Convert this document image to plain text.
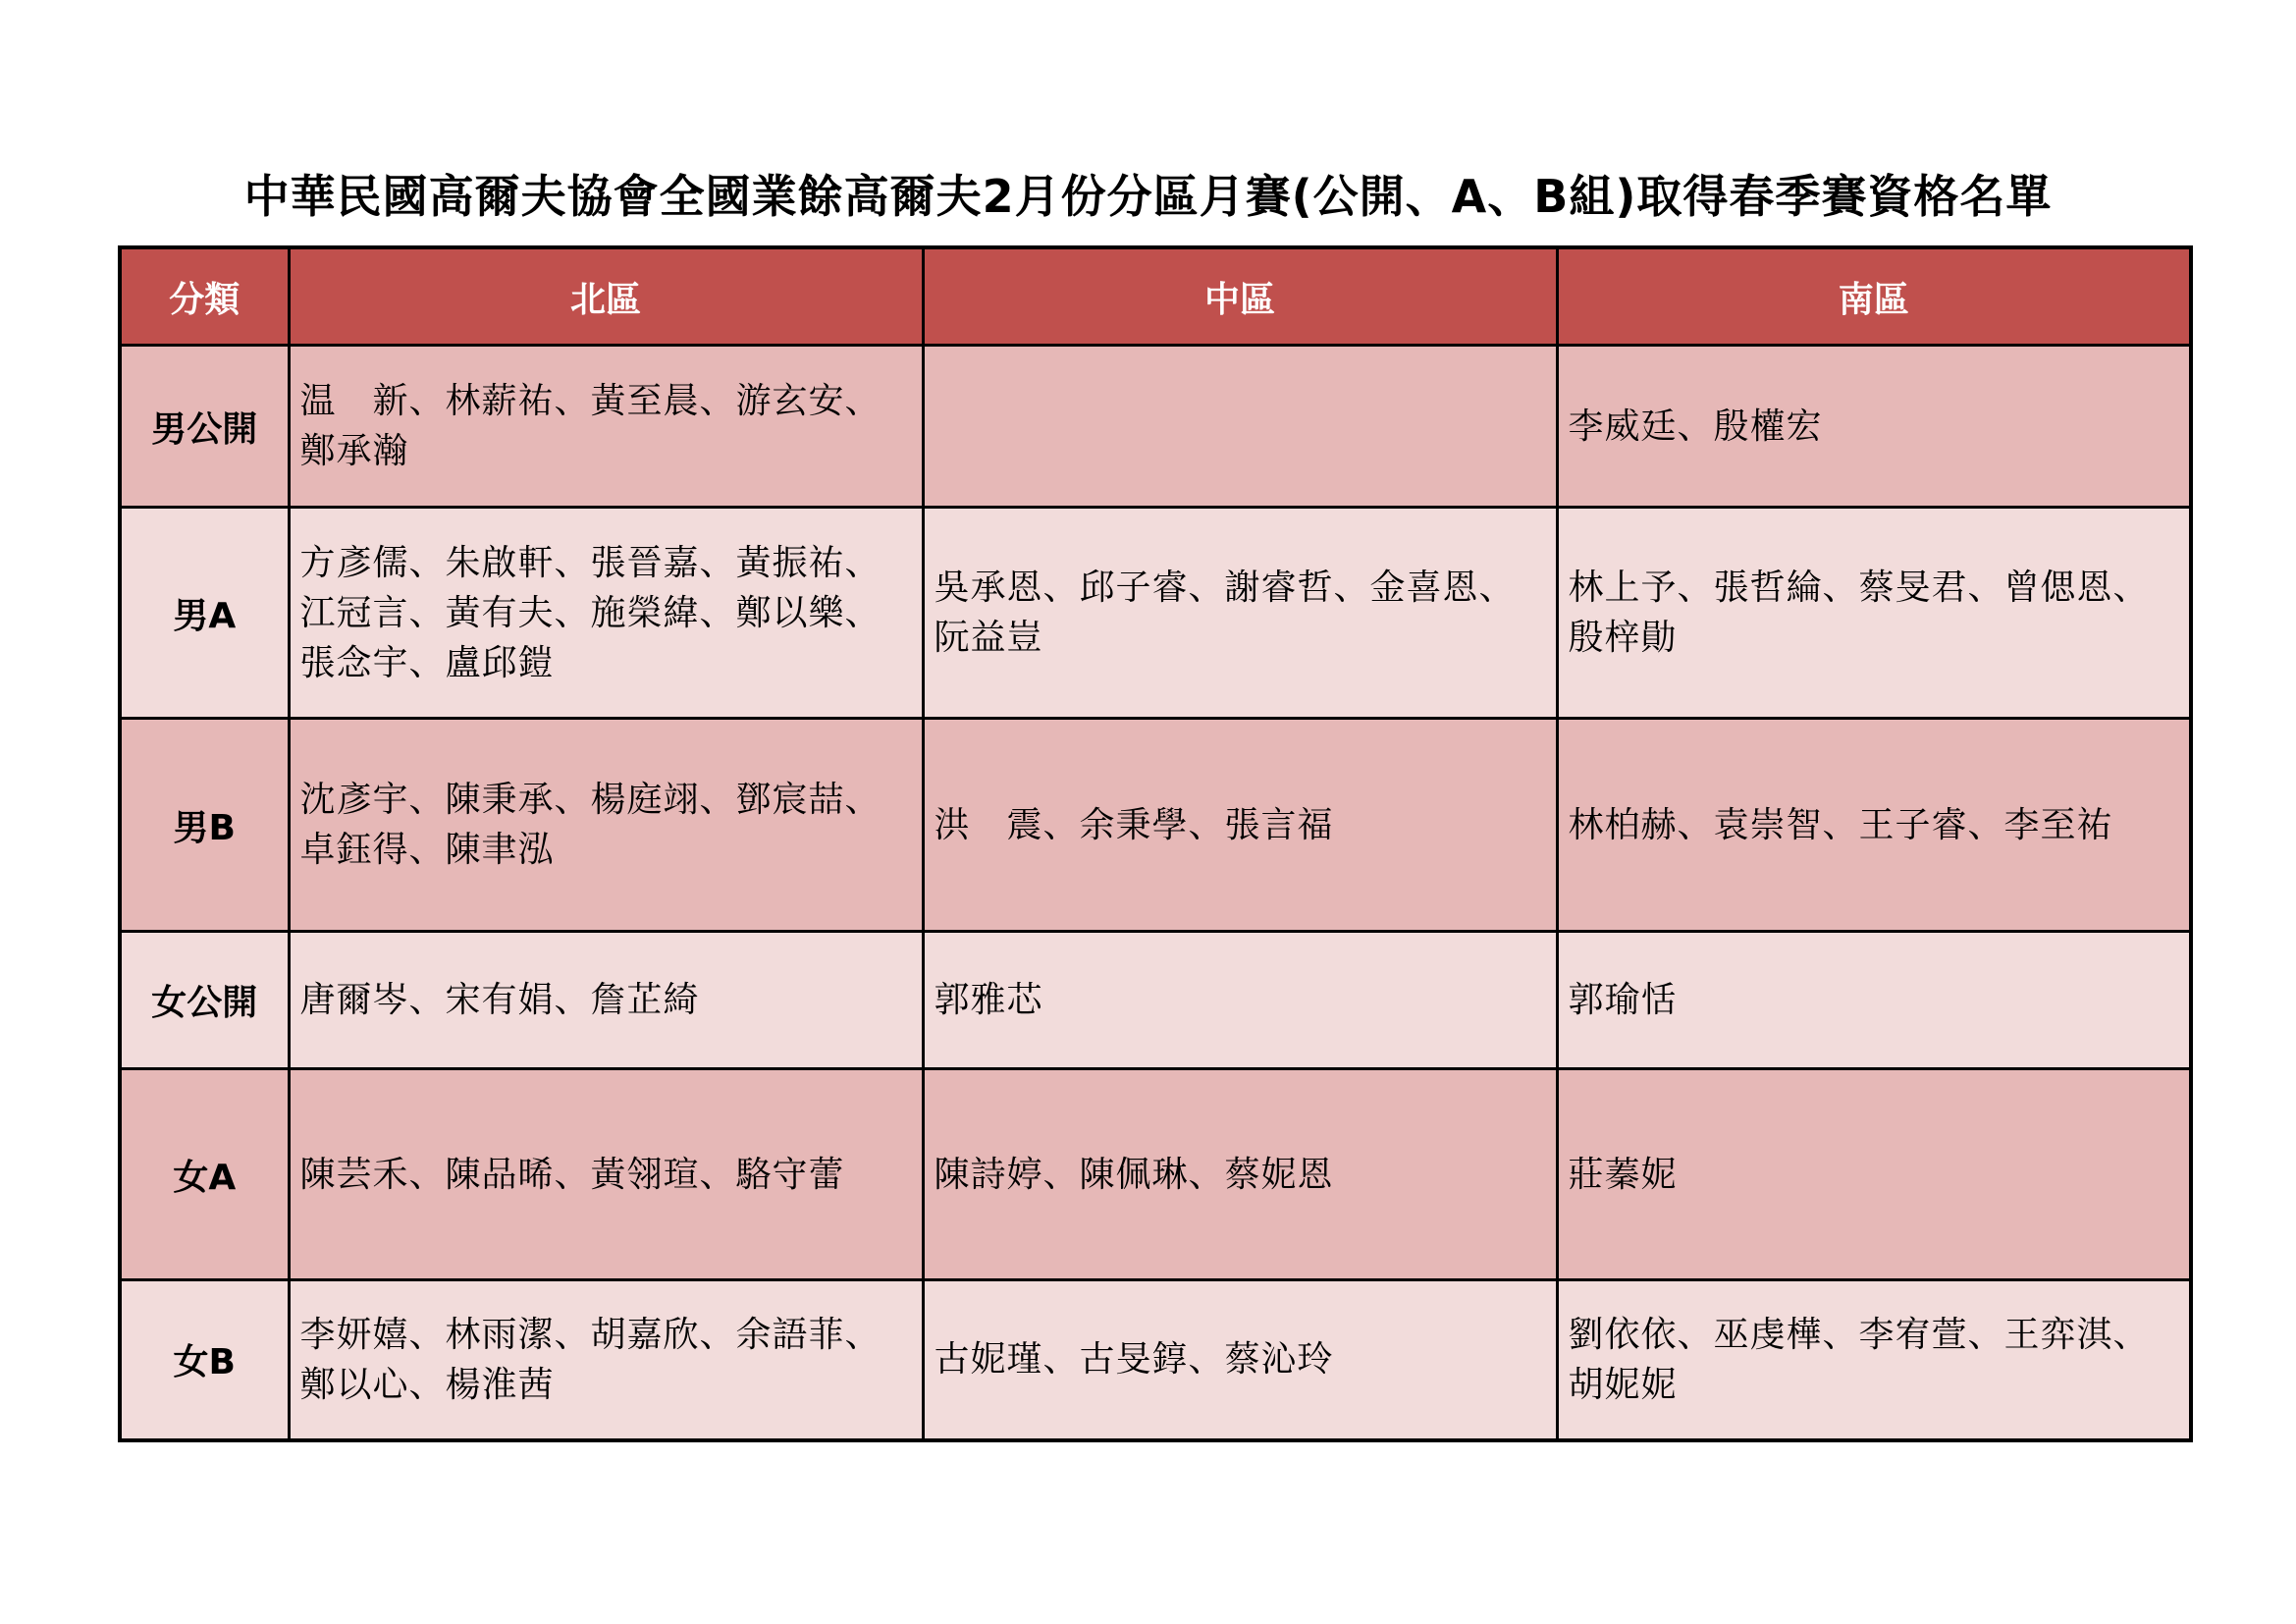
中華民國高爾夫協會全國業餘高爾夫2月份分區月賽(公開、A、B組)取得春季賽資格名單
分類	北區	中區	南區
男公開	温　新、林薪祐、黃至晨、游玄安、鄭承瀚		李威廷、殷權宏
男A	方彥儒、朱啟軒、張晉嘉、黃振祐、江冠言、黃有夫、施榮緯、鄭以樂、張念宇、盧邱鎧	吳承恩、邱子睿、謝睿哲、金喜恩、阮益豈	林上予、張哲綸、蔡旻君、曾偲恩、殷梓勛
男B	沈彥宇、陳秉承、楊庭翊、鄧宸喆、卓鈺得、陳聿泓	洪　震、余秉學、張言福	林柏赫、袁崇智、王子睿、李至祐
女公開	唐爾岑、宋有娟、詹芷綺	郭雅芯	郭瑜恬
女A	陳芸禾、陳品晞、黃翎瑄、駱守蕾	陳詩婷、陳佩琳、蔡妮恩	莊蓁妮
女B	李妍嬉、林雨潔、胡嘉欣、余語菲、鄭以心、楊淮茜	古妮瑾、古旻錞、蔡沁玲	劉依依、巫虔樺、李宥萱、王弈淇、胡妮妮
